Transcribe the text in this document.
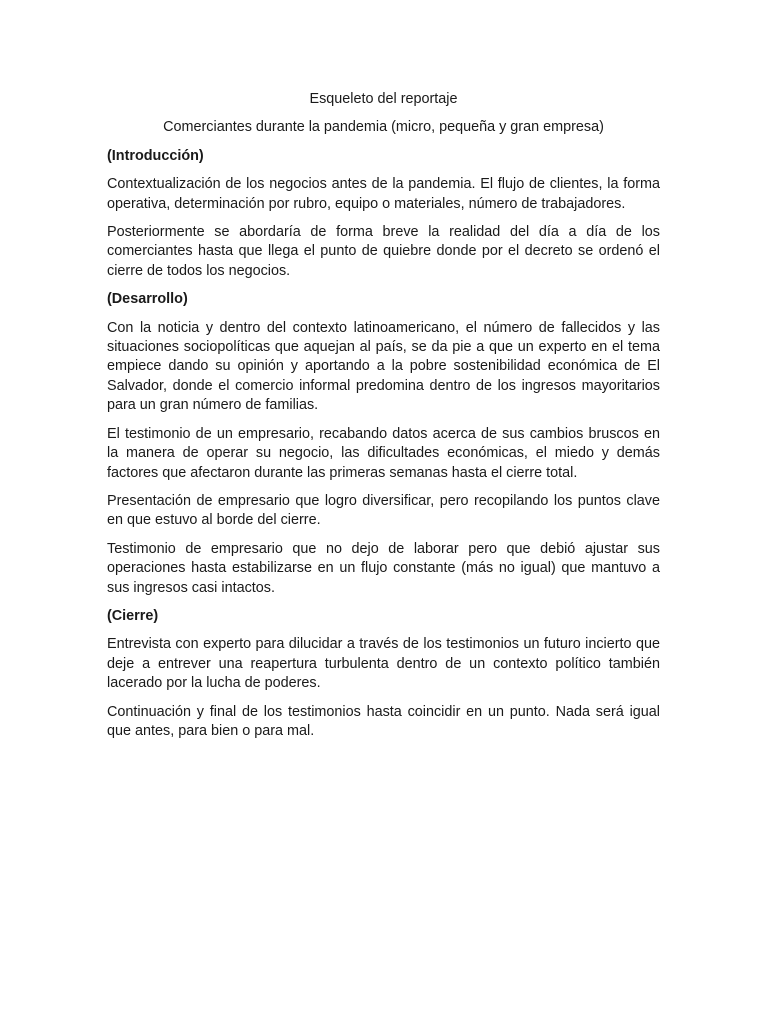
Esqueleto del reportaje

Comerciantes durante la pandemia (micro, pequeña y gran empresa)

(Introducción)

Contextualización de los negocios antes de la pandemia. El flujo de clientes, la forma operativa, determinación por rubro, equipo o materiales, número de trabajadores.

Posteriormente se abordaría de forma breve la realidad del día a día de los comerciantes hasta que llega el punto de quiebre donde por el decreto se ordenó el cierre de todos los negocios.

(Desarrollo)

Con la noticia y dentro del contexto latinoamericano, el número de fallecidos y las situaciones sociopolíticas que aquejan al país, se da pie a que un experto en el tema empiece dando su opinión y aportando a la pobre sostenibilidad económica de El Salvador, donde el comercio informal predomina dentro de los ingresos mayoritarios para un gran número de familias.

El testimonio de un empresario, recabando datos acerca de sus cambios bruscos en la manera de operar su negocio, las dificultades económicas, el miedo y demás factores que afectaron durante las primeras semanas hasta el cierre total.

Presentación de empresario que logro diversificar, pero recopilando los puntos clave en que estuvo al borde del cierre.

Testimonio de empresario que no dejo de laborar pero que debió ajustar sus operaciones hasta estabilizarse en un flujo constante (más no igual) que mantuvo a sus ingresos casi intactos.

(Cierre)

Entrevista con experto para dilucidar a través de los testimonios un futuro incierto que deje a entrever una reapertura turbulenta dentro de un contexto político también lacerado por la lucha de poderes.

Continuación y final de los testimonios hasta coincidir en un punto. Nada será igual que antes, para bien o para mal.
